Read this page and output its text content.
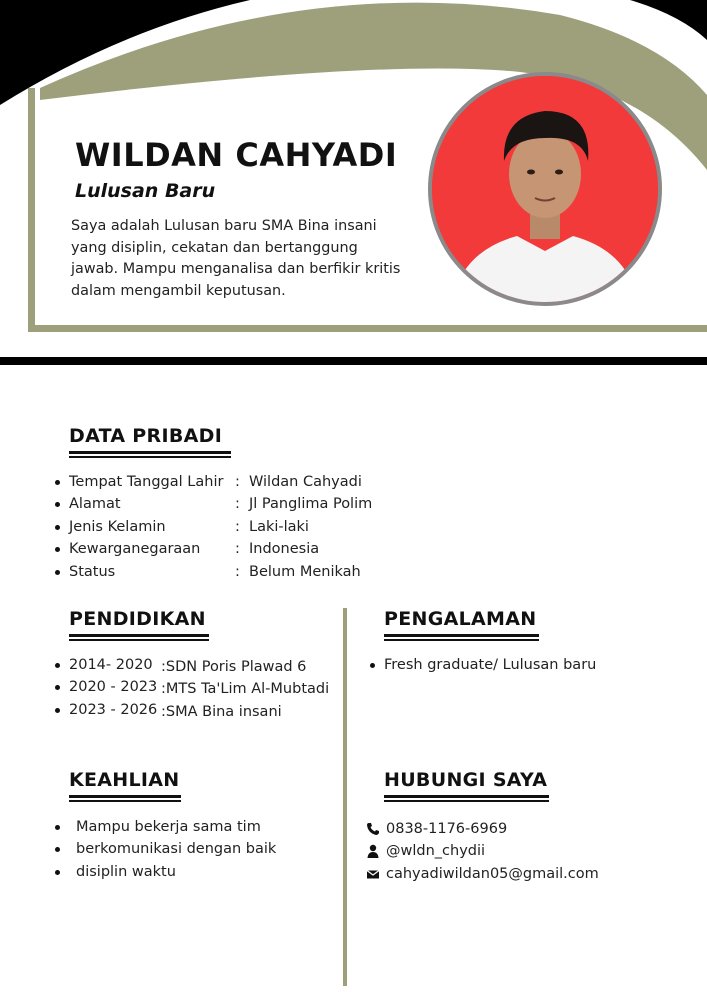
WILDAN CAHYADI
Lulusan Baru
Saya adalah Lulusan baru SMA Bina insani yang disiplin, cekatan dan bertanggung jawab. Mampu menganalisa dan berfikir kritis dalam mengambil keputusan.
DATA PRIBADI
Tempat Tanggal Lahir : Wildan Cahyadi
Alamat	: Jl Panglima Polim
Jenis Kelamin	: Laki-laki
Kewarganegaraan : Indonesia
Status	: Belum Menikah
PENDIDIKAN
2014- 2020 :SDN Poris Plawad 6
2020 - 2023 :MTS Ta'Lim Al-Mubtadi
2023 - 2026 :SMA Bina insani
PENGALAMAN
Fresh graduate/ Lulusan baru
KEAHLIAN
Mampu bekerja sama tim
berkomunikasi dengan baik
disiplin waktu
HUBUNGI SAYA
0838-1176-6969
@wldn_chydii
cahyadiwildan05@gmail.com
